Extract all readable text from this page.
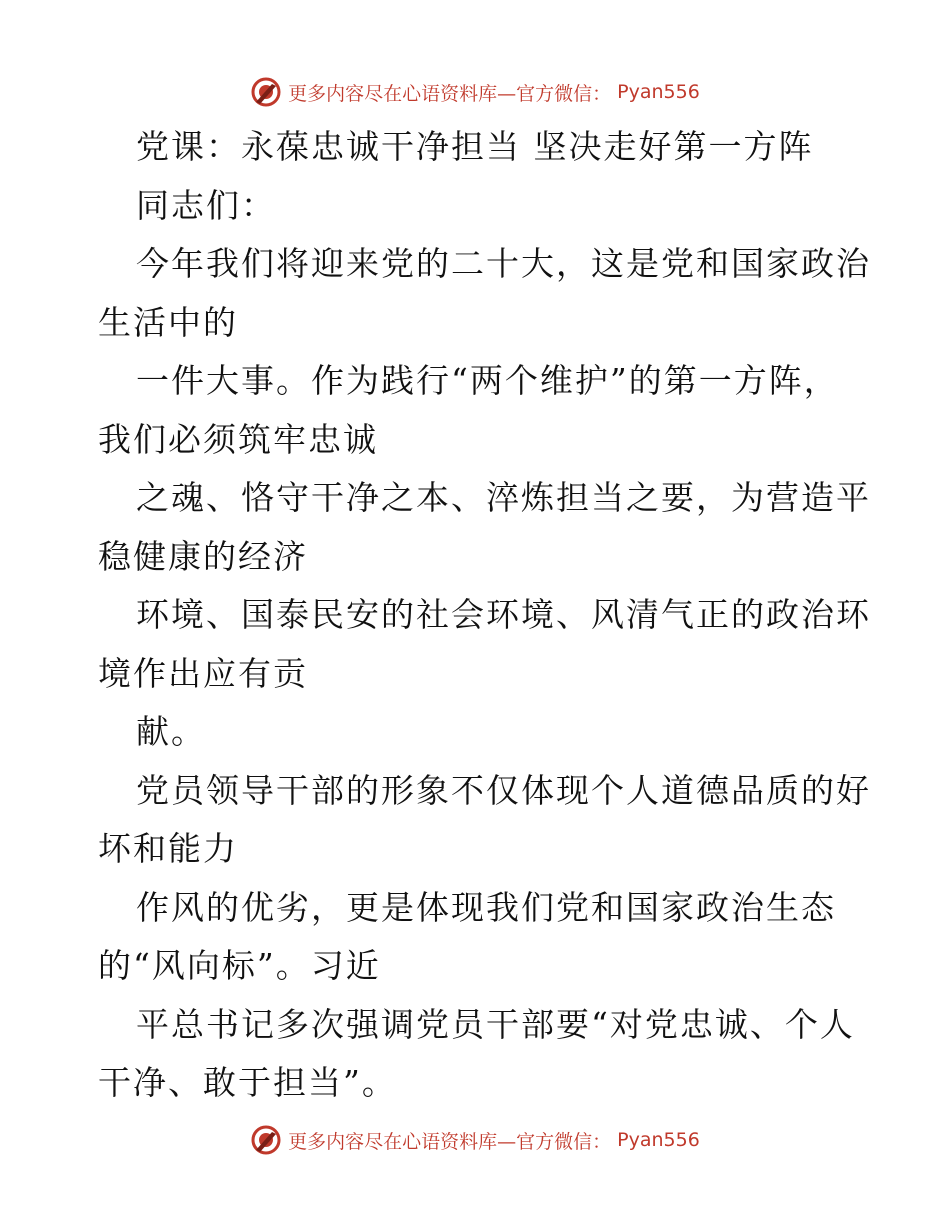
更多内容尽在心语资料库—官方微信： Pyan556
党课：永葆忠诚干净担当 坚决走好第一方阵
同志们：
今年我们将迎来党的二十大，这是党和国家政治
生活中的
一件大事。作为践行“两个维护”的第一方阵，
我们必须筑牢忠诚
之魂、恪守干净之本、淬炼担当之要，为营造平
稳健康的经济
环境、国泰民安的社会环境、风清气正的政治环
境作出应有贡
献。
党员领导干部的形象不仅体现个人道德品质的好
坏和能力
作风的优劣，更是体现我们党和国家政治生态
的“风向标”。习近
平总书记多次强调党员干部要“对党忠诚、个人
干净、敢于担当”。
更多内容尽在心语资料库—官方微信： Pyan556
